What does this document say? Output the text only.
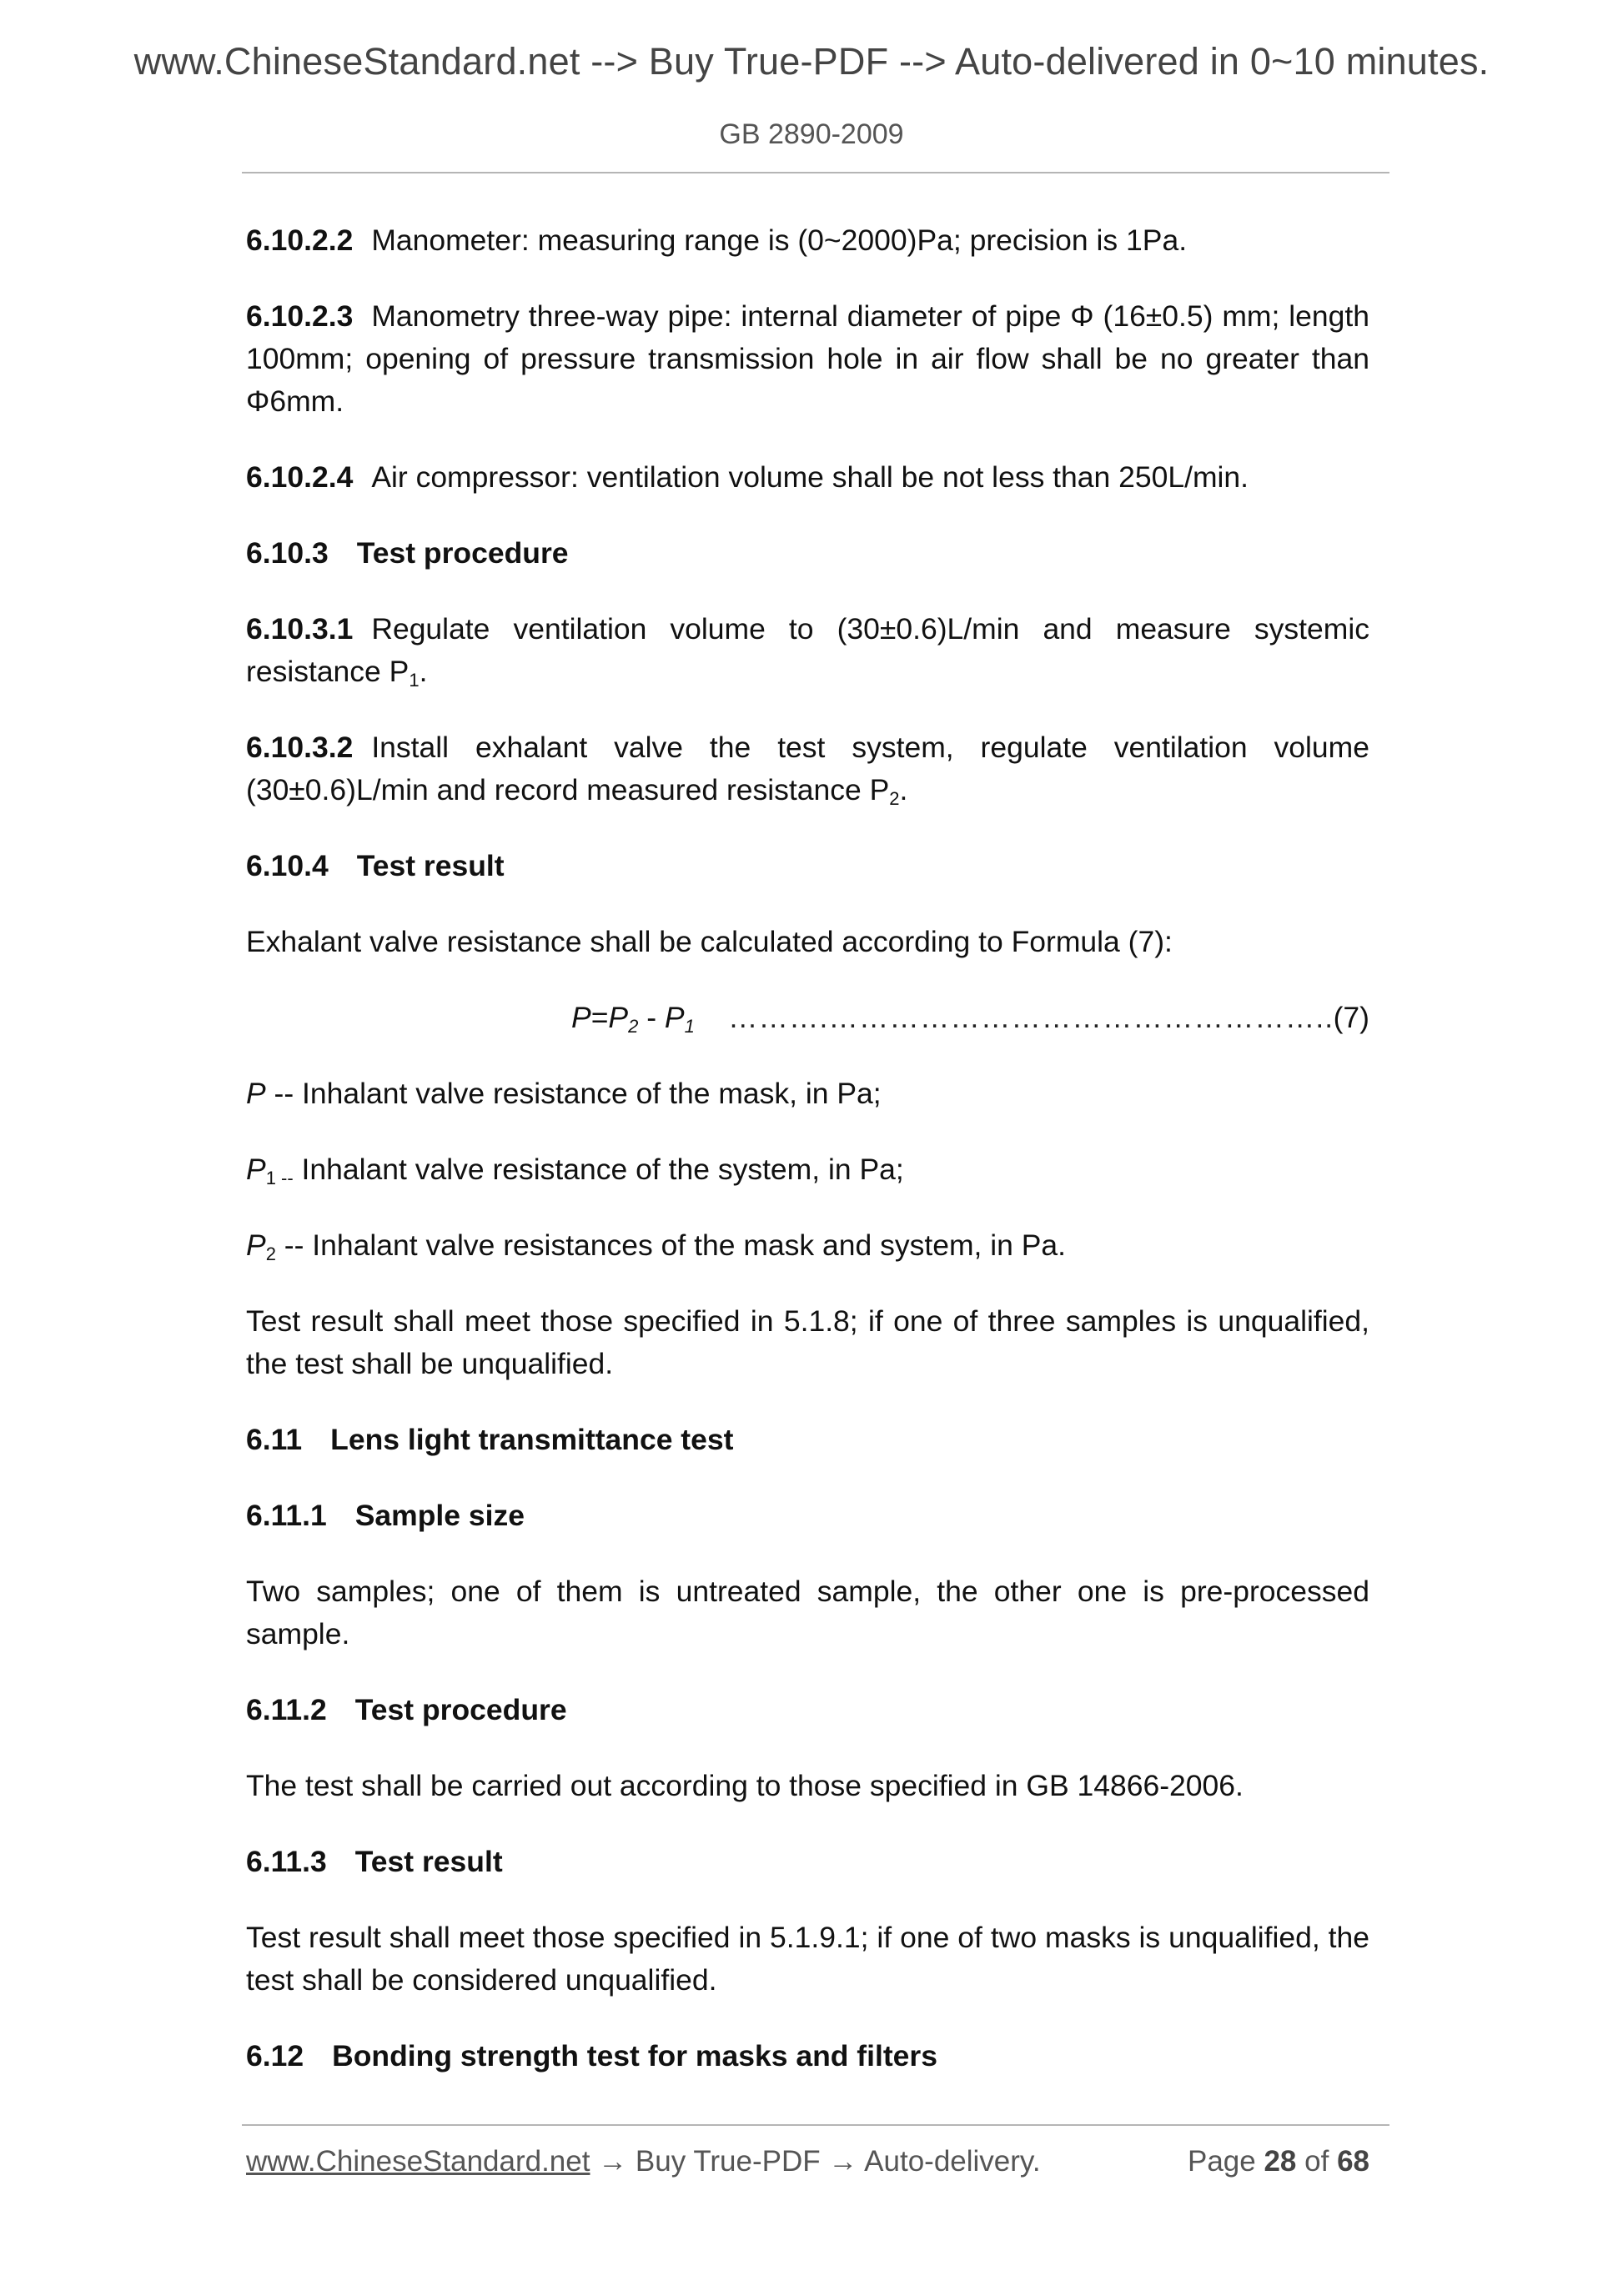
www.ChineseStandard.net --> Buy True-PDF --> Auto-delivered in 0~10 minutes.
GB 2890-2009

6.10.2.2 Manometer: measuring range is (0~2000)Pa; precision is 1Pa.

6.10.2.3 Manometry three-way pipe: internal diameter of pipe Φ (16±0.5) mm; length 100mm; opening of pressure transmission hole in air flow shall be no greater than Φ6mm.

6.10.2.4 Air compressor: ventilation volume shall be not less than 250L/min.

6.10.3 Test procedure

6.10.3.1 Regulate ventilation volume to (30±0.6)L/min and measure systemic resistance $P_1$.

6.10.3.2 Install exhalant valve the test system, regulate ventilation volume (30±0.6)L/min and record measured resistance $P_2$.

6.10.4 Test result

Exhalant valve resistance shall be calculated according to Formula (7):

$P=P_2 - P_1$ ……….………………………………………….. (7)

P -- Inhalant valve resistance of the mask, in Pa;

$P_{1 --}$ Inhalant valve resistance of the system, in Pa;

$P_2$ -- Inhalant valve resistances of the mask and system, in Pa.

Test result shall meet those specified in 5.1.8; if one of three samples is unqualified, the test shall be unqualified.

6.11 Lens light transmittance test

6.11.1 Sample size

Two samples; one of them is untreated sample, the other one is pre-processed sample.

6.11.2 Test procedure

The test shall be carried out according to those specified in GB 14866-2006.

6.11.3 Test result

Test result shall meet those specified in 5.1.9.1; if one of two masks is unqualified, the test shall be considered unqualified.

6.12 Bonding strength test for masks and filters

www.ChineseStandard.net → Buy True-PDF → Auto-delivery.	Page 28 of 68
